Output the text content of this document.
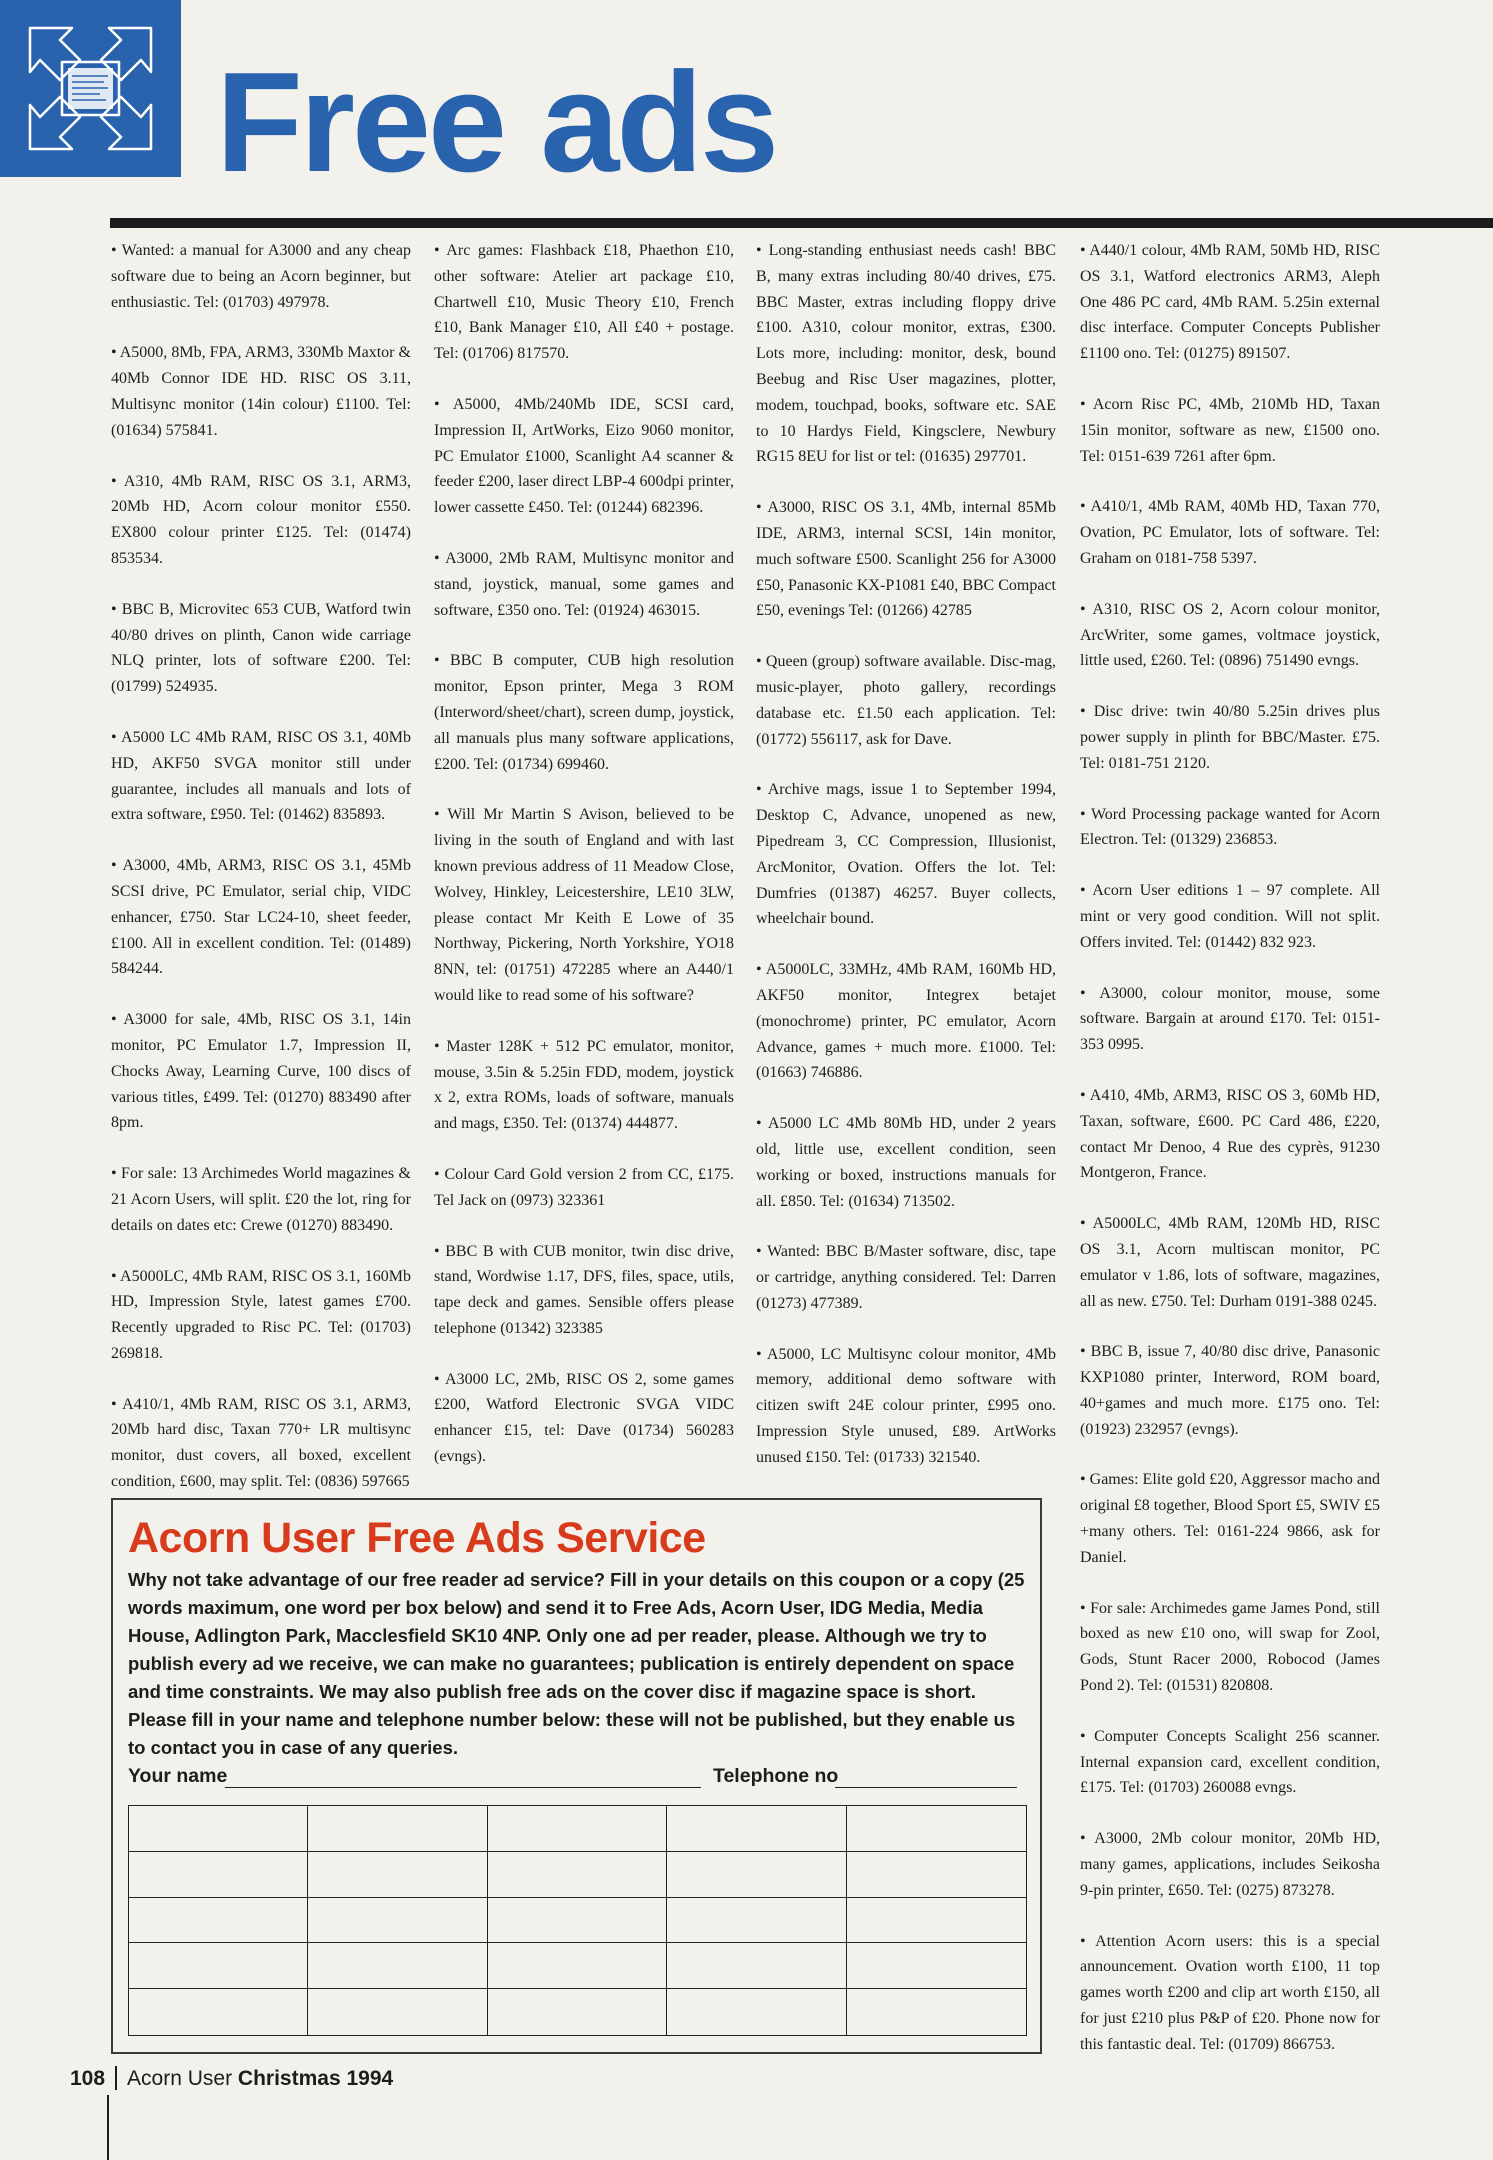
Free ads

• Wanted: a manual for A3000 and any cheap software due to being an Acorn beginner, but enthusiastic. Tel: (01703) 497978.

• A5000, 8Mb, FPA, ARM3, 330Mb Maxtor & 40Mb Connor IDE HD. RISC OS 3.11, Multisync monitor (14in colour) £1100. Tel: (01634) 575841.

• A310, 4Mb RAM, RISC OS 3.1, ARM3, 20Mb HD, Acorn colour monitor £550. EX800 colour printer £125. Tel: (01474) 853534.

• BBC B, Microvitec 653 CUB, Watford twin 40/80 drives on plinth, Canon wide carriage NLQ printer, lots of software £200. Tel: (01799) 524935.

• A5000 LC 4Mb RAM, RISC OS 3.1, 40Mb HD, AKF50 SVGA monitor still under guarantee, includes all manuals and lots of extra software, £950. Tel: (01462) 835893.

• A3000, 4Mb, ARM3, RISC OS 3.1, 45Mb SCSI drive, PC Emulator, serial chip, VIDC enhancer, £750. Star LC24-10, sheet feeder, £100. All in excellent condition. Tel: (01489) 584244.

• A3000 for sale, 4Mb, RISC OS 3.1, 14in monitor, PC Emulator 1.7, Impression II, Chocks Away, Learning Curve, 100 discs of various titles, £499. Tel: (01270) 883490 after 8pm.

• For sale: 13 Archimedes World magazines & 21 Acorn Users, will split. £20 the lot, ring for details on dates etc: Crewe (01270) 883490.

• A5000LC, 4Mb RAM, RISC OS 3.1, 160Mb HD, Impression Style, latest games £700. Recently upgraded to Risc PC. Tel: (01703) 269818.

• A410/1, 4Mb RAM, RISC OS 3.1, ARM3, 20Mb hard disc, Taxan 770+ LR multisync monitor, dust covers, all boxed, excellent condition, £600, may split. Tel: (0836) 597665

• Arc games: Flashback £18, Phaethon £10, other software: Atelier art package £10, Chartwell £10, Music Theory £10, French £10, Bank Manager £10, All £40 + postage. Tel: (01706) 817570.

• A5000, 4Mb/240Mb IDE, SCSI card, Impression II, ArtWorks, Eizo 9060 monitor, PC Emulator £1000, Scanlight A4 scanner & feeder £200, laser direct LBP-4 600dpi printer, lower cassette £450. Tel: (01244) 682396.

• A3000, 2Mb RAM, Multisync monitor and stand, joystick, manual, some games and software, £350 ono. Tel: (01924) 463015.

• BBC B computer, CUB high resolution monitor, Epson printer, Mega 3 ROM (Interword/sheet/chart), screen dump, joystick, all manuals plus many software applications, £200. Tel: (01734) 699460.

• Will Mr Martin S Avison, believed to be living in the south of England and with last known previous address of 11 Meadow Close, Wolvey, Hinkley, Leicestershire, LE10 3LW, please contact Mr Keith E Lowe of 35 Northway, Pickering, North Yorkshire, YO18 8NN, tel: (01751) 472285 where an A440/1 would like to read some of his software?

• Master 128K + 512 PC emulator, monitor, mouse, 3.5in & 5.25in FDD, modem, joystick x 2, extra ROMs, loads of software, manuals and mags, £350. Tel: (01374) 444877.

• Colour Card Gold version 2 from CC, £175. Tel Jack on (0973) 323361

• BBC B with CUB monitor, twin disc drive, stand, Wordwise 1.17, DFS, files, space, utils, tape deck and games. Sensible offers please telephone (01342) 323385

• A3000 LC, 2Mb, RISC OS 2, some games £200, Watford Electronic SVGA VIDC enhancer £15, tel: Dave (01734) 560283 (evngs).

• Long-standing enthusiast needs cash! BBC B, many extras including 80/40 drives, £75. BBC Master, extras including floppy drive £100. A310, colour monitor, extras, £300. Lots more, including: monitor, desk, bound Beebug and Risc User magazines, plotter, modem, touchpad, books, software etc. SAE to 10 Hardys Field, Kingsclere, Newbury RG15 8EU for list or tel: (01635) 297701.

• A3000, RISC OS 3.1, 4Mb, internal 85Mb IDE, ARM3, internal SCSI, 14in monitor, much software £500. Scanlight 256 for A3000 £50, Panasonic KX-P1081 £40, BBC Compact £50, evenings Tel: (01266) 42785

• Queen (group) software available. Disc-mag, music-player, photo gallery, recordings database etc. £1.50 each application. Tel: (01772) 556117, ask for Dave.

• Archive mags, issue 1 to September 1994, Desktop C, Advance, unopened as new, Pipedream 3, CC Compression, Illusionist, ArcMonitor, Ovation. Offers the lot. Tel: Dumfries (01387) 46257. Buyer collects, wheelchair bound.

• A5000LC, 33MHz, 4Mb RAM, 160Mb HD, AKF50 monitor, Integrex betajet (monochrome) printer, PC emulator, Acorn Advance, games + much more. £1000. Tel: (01663) 746886.

• A5000 LC 4Mb 80Mb HD, under 2 years old, little use, excellent condition, seen working or boxed, instructions manuals for all. £850. Tel: (01634) 713502.

• Wanted: BBC B/Master software, disc, tape or cartridge, anything considered. Tel: Darren (01273) 477389.

• A5000, LC Multisync colour monitor, 4Mb memory, additional demo software with citizen swift 24E colour printer, £995 ono. Impression Style unused, £89. ArtWorks unused £150. Tel: (01733) 321540.

• A440/1 colour, 4Mb RAM, 50Mb HD, RISC OS 3.1, Watford electronics ARM3, Aleph One 486 PC card, 4Mb RAM. 5.25in external disc interface. Computer Concepts Publisher £1100 ono. Tel: (01275) 891507.

• Acorn Risc PC, 4Mb, 210Mb HD, Taxan 15in monitor, software as new, £1500 ono. Tel: 0151-639 7261 after 6pm.

• A410/1, 4Mb RAM, 40Mb HD, Taxan 770, Ovation, PC Emulator, lots of software. Tel: Graham on 0181-758 5397.

• A310, RISC OS 2, Acorn colour monitor, ArcWriter, some games, voltmace joystick, little used, £260. Tel: (0896) 751490 evngs.

• Disc drive: twin 40/80 5.25in drives plus power supply in plinth for BBC/Master. £75. Tel: 0181-751 2120.

• Word Processing package wanted for Acorn Electron. Tel: (01329) 236853.

• Acorn User editions 1 – 97 complete. All mint or very good condition. Will not split. Offers invited. Tel: (01442) 832 923.

• A3000, colour monitor, mouse, some software. Bargain at around £170. Tel: 0151-353 0995.

• A410, 4Mb, ARM3, RISC OS 3, 60Mb HD, Taxan, software, £600. PC Card 486, £220, contact Mr Denoo, 4 Rue des cyprès, 91230 Montgeron, France.

• A5000LC, 4Mb RAM, 120Mb HD, RISC OS 3.1, Acorn multiscan monitor, PC emulator v 1.86, lots of software, magazines, all as new. £750. Tel: Durham 0191-388 0245.

• BBC B, issue 7, 40/80 disc drive, Panasonic KXP1080 printer, Interword, ROM board, 40+games and much more. £175 ono. Tel: (01923) 232957 (evngs).

• Games: Elite gold £20, Aggressor macho and original £8 together, Blood Sport £5, SWIV £5 +many others. Tel: 0161-224 9866, ask for Daniel.

• For sale: Archimedes game James Pond, still boxed as new £10 ono, will swap for Zool, Gods, Stunt Racer 2000, Robocod (James Pond 2). Tel: (01531) 820808.

• Computer Concepts Scalight 256 scanner. Internal expansion card, excellent condition, £175. Tel: (01703) 260088 evngs.

• A3000, 2Mb colour monitor, 20Mb HD, many games, applications, includes Seikosha 9-pin printer, £650. Tel: (0275) 873278.

• Attention Acorn users: this is a special announcement. Ovation worth £100, 11 top games worth £200 and clip art worth £150, all for just £210 plus P&P of £20. Phone now for this fantastic deal. Tel: (01709) 866753.

Acorn User Free Ads Service

Why not take advantage of our free reader ad service? Fill in your details on this coupon or a copy (25 words maximum, one word per box below) and send it to Free Ads, Acorn User, IDG Media, Media House, Adlington Park, Macclesfield SK10 4NP. Only one ad per reader, please. Although we try to publish every ad we receive, we can make no guarantees; publication is entirely dependent on space and time constraints. We may also publish free ads on the cover disc if magazine space is short. Please fill in your name and telephone number below: these will not be published, but they enable us to contact you in case of any queries.

Your name	Telephone no
108 Acorn User Christmas 1994
